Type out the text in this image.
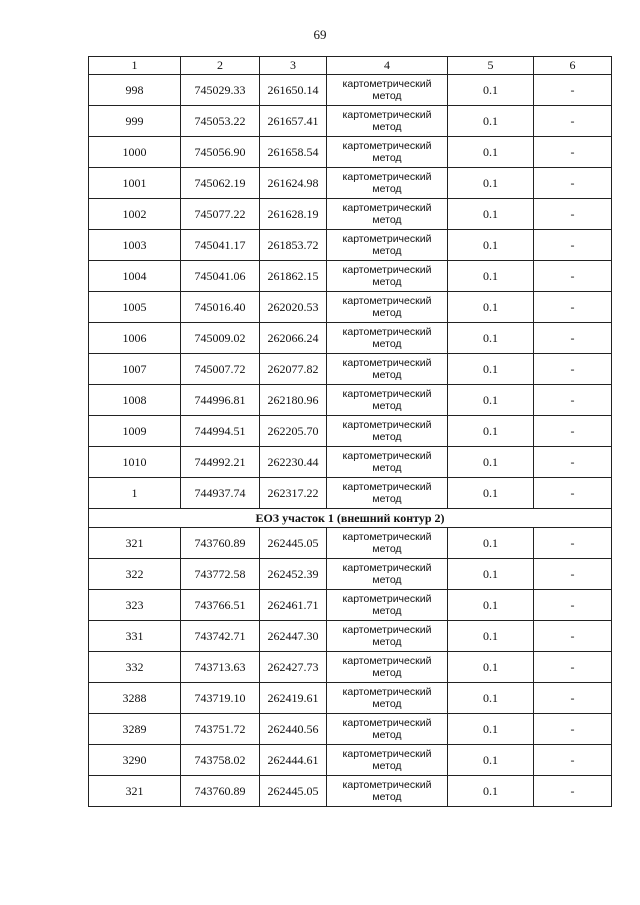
69
1	2	3	4	5	6
998	745029.33	261650.14	картометрический метод	0.1	-
999	745053.22	261657.41	картометрический метод	0.1	-
1000	745056.90	261658.54	картометрический метод	0.1	-
1001	745062.19	261624.98	картометрический метод	0.1	-
1002	745077.22	261628.19	картометрический метод	0.1	-
1003	745041.17	261853.72	картометрический метод	0.1	-
1004	745041.06	261862.15	картометрический метод	0.1	-
1005	745016.40	262020.53	картометрический метод	0.1	-
1006	745009.02	262066.24	картометрический метод	0.1	-
1007	745007.72	262077.82	картометрический метод	0.1	-
1008	744996.81	262180.96	картометрический метод	0.1	-
1009	744994.51	262205.70	картометрический метод	0.1	-
1010	744992.21	262230.44	картометрический метод	0.1	-
1	744937.74	262317.22	картометрический метод	0.1	-
ЕОЗ участок 1 (внешний контур 2)					
321	743760.89	262445.05	картометрический метод	0.1	-
322	743772.58	262452.39	картометрический метод	0.1	-
323	743766.51	262461.71	картометрический метод	0.1	-
331	743742.71	262447.30	картометрический метод	0.1	-
332	743713.63	262427.73	картометрический метод	0.1	-
3288	743719.10	262419.61	картометрический метод	0.1	-
3289	743751.72	262440.56	картометрический метод	0.1	-
3290	743758.02	262444.61	картометрический метод	0.1	-
321	743760.89	262445.05	картометрический метод	0.1	-
